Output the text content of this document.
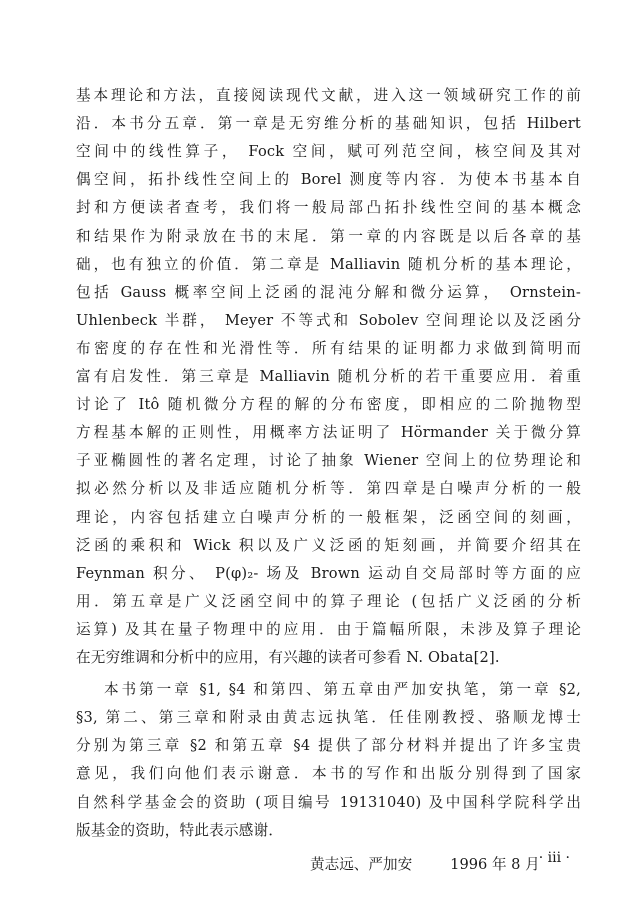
基本理论和方法，直接阅读现代文献，进入这一领域研究工作的前
沿．本书分五章．第一章是无穷维分析的基础知识，包括 Hilbert
空间中的线性算子， Fock 空间，赋可列范空间，核空间及其对
偶空间，拓扑线性空间上的 Borel 测度等内容．为使本书基本自
封和方便读者查考，我们将一般局部凸拓扑线性空间的基本概念
和结果作为附录放在书的末尾．第一章的内容既是以后各章的基
础，也有独立的价值．第二章是 Malliavin 随机分析的基本理论，
包括 Gauss 概率空间上泛函的混沌分解和微分运算， Ornstein-
Uhlenbeck 半群， Meyer 不等式和 Sobolev 空间理论以及泛函分
布密度的存在性和光滑性等．所有结果的证明都力求做到简明而
富有启发性．第三章是 Malliavin 随机分析的若干重要应用．着重
讨论了 Itô 随机微分方程的解的分布密度，即相应的二阶抛物型
方程基本解的正则性，用概率方法证明了 Hörmander 关于微分算
子亚椭圆性的著名定理，讨论了抽象 Wiener 空间上的位势理论和
拟必然分析以及非适应随机分析等．第四章是白噪声分析的一般
理论，内容包括建立白噪声分析的一般框架，泛函空间的刻画，
泛函的乘积和 Wick 积以及广义泛函的矩刻画，并简要介绍其在
Feynman 积分、 P(φ)₂- 场及 Brown 运动自交局部时等方面的应
用．第五章是广义泛函空间中的算子理论 (包括广义泛函的分析
运算) 及其在量子物理中的应用．由于篇幅所限，未涉及算子理论
在无穷维调和分析中的应用，有兴趣的读者可参看 N. Obata[2].
本书第一章 §1, §4 和第四、第五章由严加安执笔，第一章 §2,
§3, 第二、第三章和附录由黄志远执笔．任佳刚教授、骆顺龙博士
分别为第三章 §2 和第五章 §4 提供了部分材料并提出了许多宝贵
意见，我们向他们表示谢意．本书的写作和出版分别得到了国家
自然科学基金会的资助 (项目编号 19131040) 及中国科学院科学出
版基金的资助，特此表示感谢．
· iii ·
黄志远、严加安	1996 年 8 月
